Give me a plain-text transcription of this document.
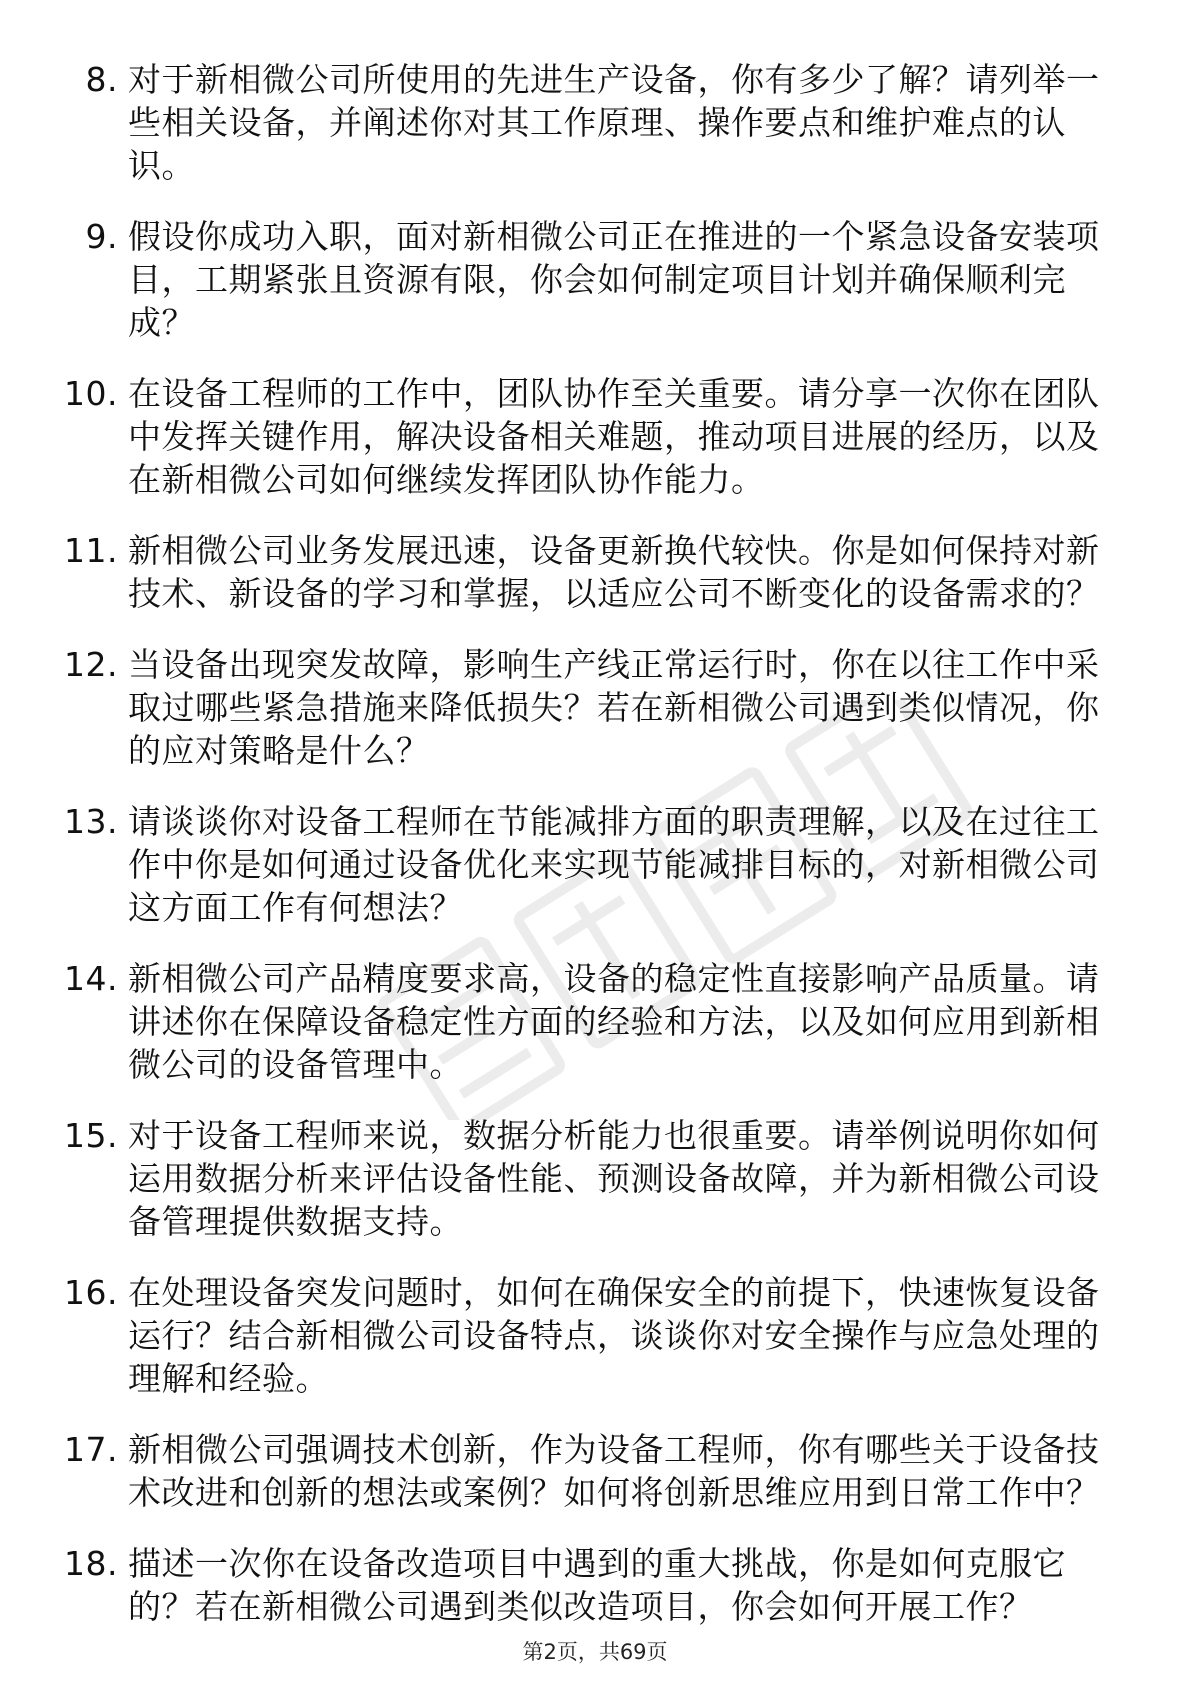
8. 对于新相微公司所使用的先进生产设备，你有多少了解？请列举一些相关设备，并阐述你对其工作原理、操作要点和维护难点的认识。
9. 假设你成功入职，面对新相微公司正在推进的一个紧急设备安装项目，工期紧张且资源有限，你会如何制定项目计划并确保顺利完成？
10. 在设备工程师的工作中，团队协作至关重要。请分享一次你在团队中发挥关键作用，解决设备相关难题，推动项目进展的经历，以及在新相微公司如何继续发挥团队协作能力。
11. 新相微公司业务发展迅速，设备更新换代较快。你是如何保持对新技术、新设备的学习和掌握，以适应公司不断变化的设备需求的？
12. 当设备出现突发故障，影响生产线正常运行时，你在以往工作中采取过哪些紧急措施来降低损失？若在新相微公司遇到类似情况，你的应对策略是什么？
13. 请谈谈你对设备工程师在节能减排方面的职责理解，以及在过往工作中你是如何通过设备优化来实现节能减排目标的，对新相微公司这方面工作有何想法？
14. 新相微公司产品精度要求高，设备的稳定性直接影响产品质量。请讲述你在保障设备稳定性方面的经验和方法，以及如何应用到新相微公司的设备管理中。
15. 对于设备工程师来说，数据分析能力也很重要。请举例说明你如何运用数据分析来评估设备性能、预测设备故障，并为新相微公司设备管理提供数据支持。
16. 在处理设备突发问题时，如何在确保安全的前提下，快速恢复设备运行？结合新相微公司设备特点，谈谈你对安全操作与应急处理的理解和经验。
17. 新相微公司强调技术创新，作为设备工程师，你有哪些关于设备技术改进和创新的想法或案例？如何将创新思维应用到日常工作中？
18. 描述一次你在设备改造项目中遇到的重大挑战，你是如何克服它的？若在新相微公司遇到类似改造项目，你会如何开展工作？
第2页，共69页
